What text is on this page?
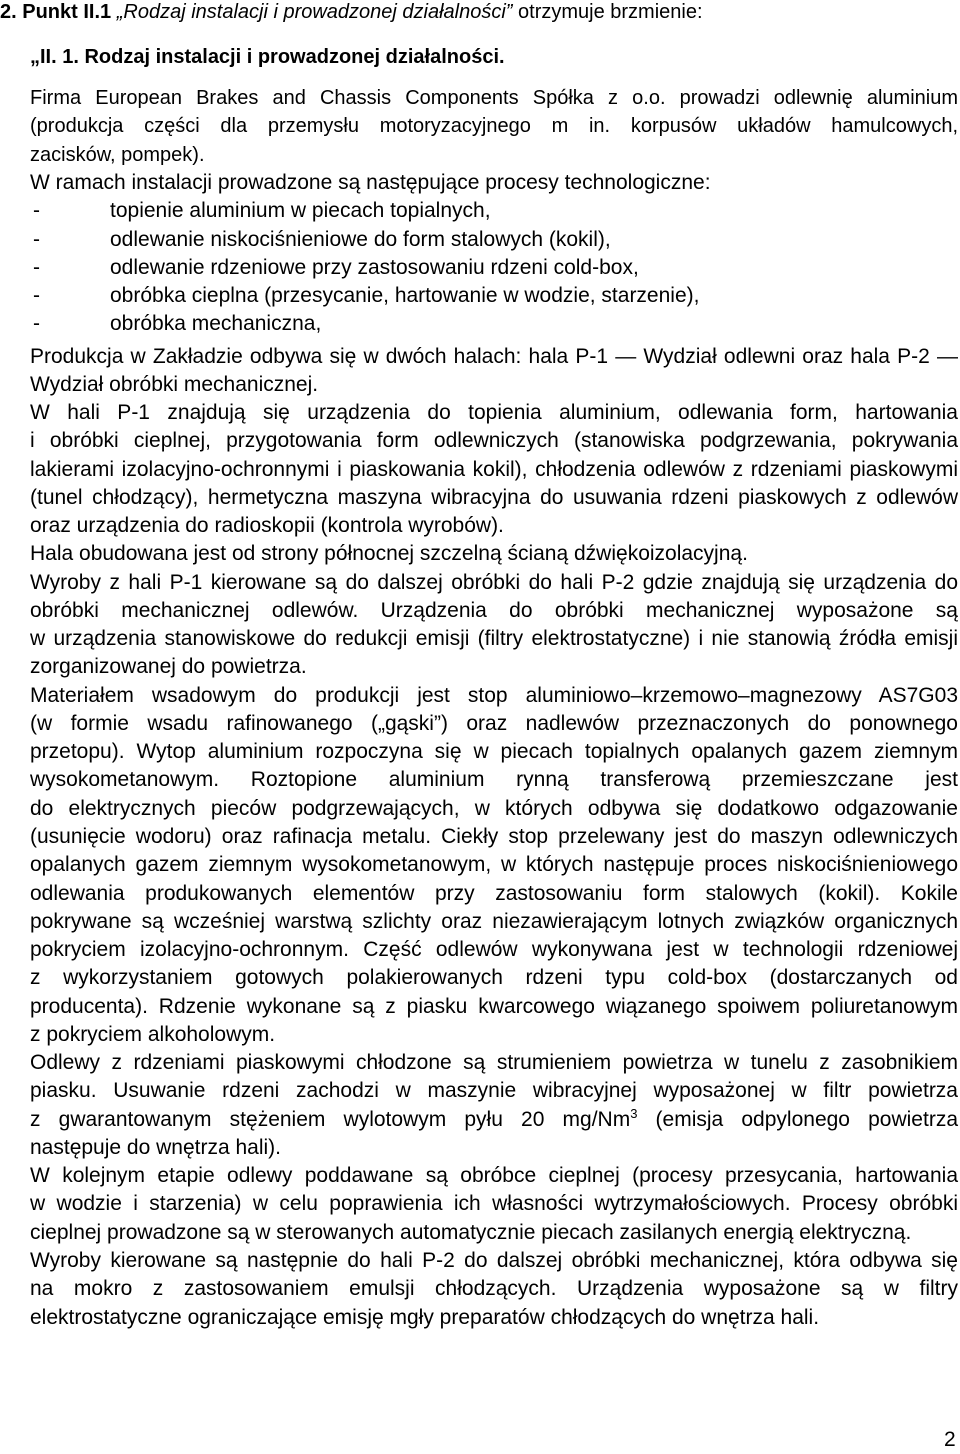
2. Punkt II.1 „Rodzaj instalacji i prowadzonej działalności” otrzymuje brzmienie:
„II. 1. Rodzaj instalacji i prowadzonej działalności.
Firma European Brakes and Chassis Components Spółka z o.o. prowadzi odlewnię aluminium
(produkcja części dla przemysłu motoryzacyjnego m in. korpusów układów hamulcowych,
zacisków, pompek).
W ramach instalacji prowadzone są następujące procesy technologiczne:
-	topienie aluminium w piecach topialnych,
-	odlewanie niskociśnieniowe do form stalowych (kokil),
-	odlewanie rdzeniowe przy zastosowaniu rdzeni cold-box,
-	obróbka cieplna (przesycanie, hartowanie w wodzie, starzenie),
-	obróbka mechaniczna,
Produkcja w Zakładzie odbywa się w dwóch halach: hala P-1 — Wydział odlewni oraz hala P-2 —
Wydział obróbki mechanicznej.
W hali P-1 znajdują się urządzenia do topienia aluminium, odlewania form, hartowania
i obróbki cieplnej, przygotowania form odlewniczych (stanowiska podgrzewania, pokrywania
lakierami izolacyjno-ochronnymi i piaskowania kokil), chłodzenia odlewów z rdzeniami piaskowymi
(tunel chłodzący), hermetyczna maszyna wibracyjna do usuwania rdzeni piaskowych z odlewów
oraz urządzenia do radioskopii (kontrola wyrobów).
Hala obudowana jest od strony północnej szczelną ścianą dźwiękoizolacyjną.
Wyroby z hali P-1 kierowane są do dalszej obróbki do hali P-2 gdzie znajdują się urządzenia do
obróbki mechanicznej odlewów. Urządzenia do obróbki mechanicznej wyposażone są
w urządzenia stanowiskowe do redukcji emisji (filtry elektrostatyczne) i nie stanowią źródła emisji
zorganizowanej do powietrza.
Materiałem wsadowym do produkcji jest stop aluminiowo–krzemowo–magnezowy AS7G03
(w formie wsadu rafinowanego („gąski”) oraz nadlewów przeznaczonych do ponownego
przetopu). Wytop aluminium rozpoczyna się w piecach topialnych opalanych gazem ziemnym
wysokometanowym. Roztopione aluminium rynną transferową przemieszczane jest
do elektrycznych pieców podgrzewających, w których odbywa się dodatkowo odgazowanie
(usunięcie wodoru) oraz rafinacja metalu. Ciekły stop przelewany jest do maszyn odlewniczych
opalanych gazem ziemnym wysokometanowym, w których następuje proces niskociśnieniowego
odlewania produkowanych elementów przy zastosowaniu form stalowych (kokil). Kokile
pokrywane są wcześniej warstwą szlichty oraz niezawierającym lotnych związków organicznych
pokryciem izolacyjno-ochronnym. Część odlewów wykonywana jest w technologii rdzeniowej
z wykorzystaniem gotowych polakierowanych rdzeni typu cold-box (dostarczanych od
producenta). Rdzenie wykonane są z piasku kwarcowego wiązanego spoiwem poliuretanowym
z pokryciem alkoholowym.
Odlewy z rdzeniami piaskowymi chłodzone są strumieniem powietrza w tunelu z zasobnikiem
piasku. Usuwanie rdzeni zachodzi w maszynie wibracyjnej wyposażonej w filtr powietrza
z gwarantowanym stężeniem wylotowym pyłu 20 mg/Nm$^3$ (emisja odpylonego powietrza
następuje do wnętrza hali).
W kolejnym etapie odlewy poddawane są obróbce cieplnej (procesy przesycania, hartowania
w wodzie i starzenia) w celu poprawienia ich własności wytrzymałościowych. Procesy obróbki
cieplnej prowadzone są w sterowanych automatycznie piecach zasilanych energią elektryczną.
Wyroby kierowane są następnie do hali P-2 do dalszej obróbki mechanicznej, która odbywa się
na mokro z zastosowaniem emulsji chłodzących. Urządzenia wyposażone są w filtry
elektrostatyczne ograniczające emisję mgły preparatów chłodzących do wnętrza hali.
2
